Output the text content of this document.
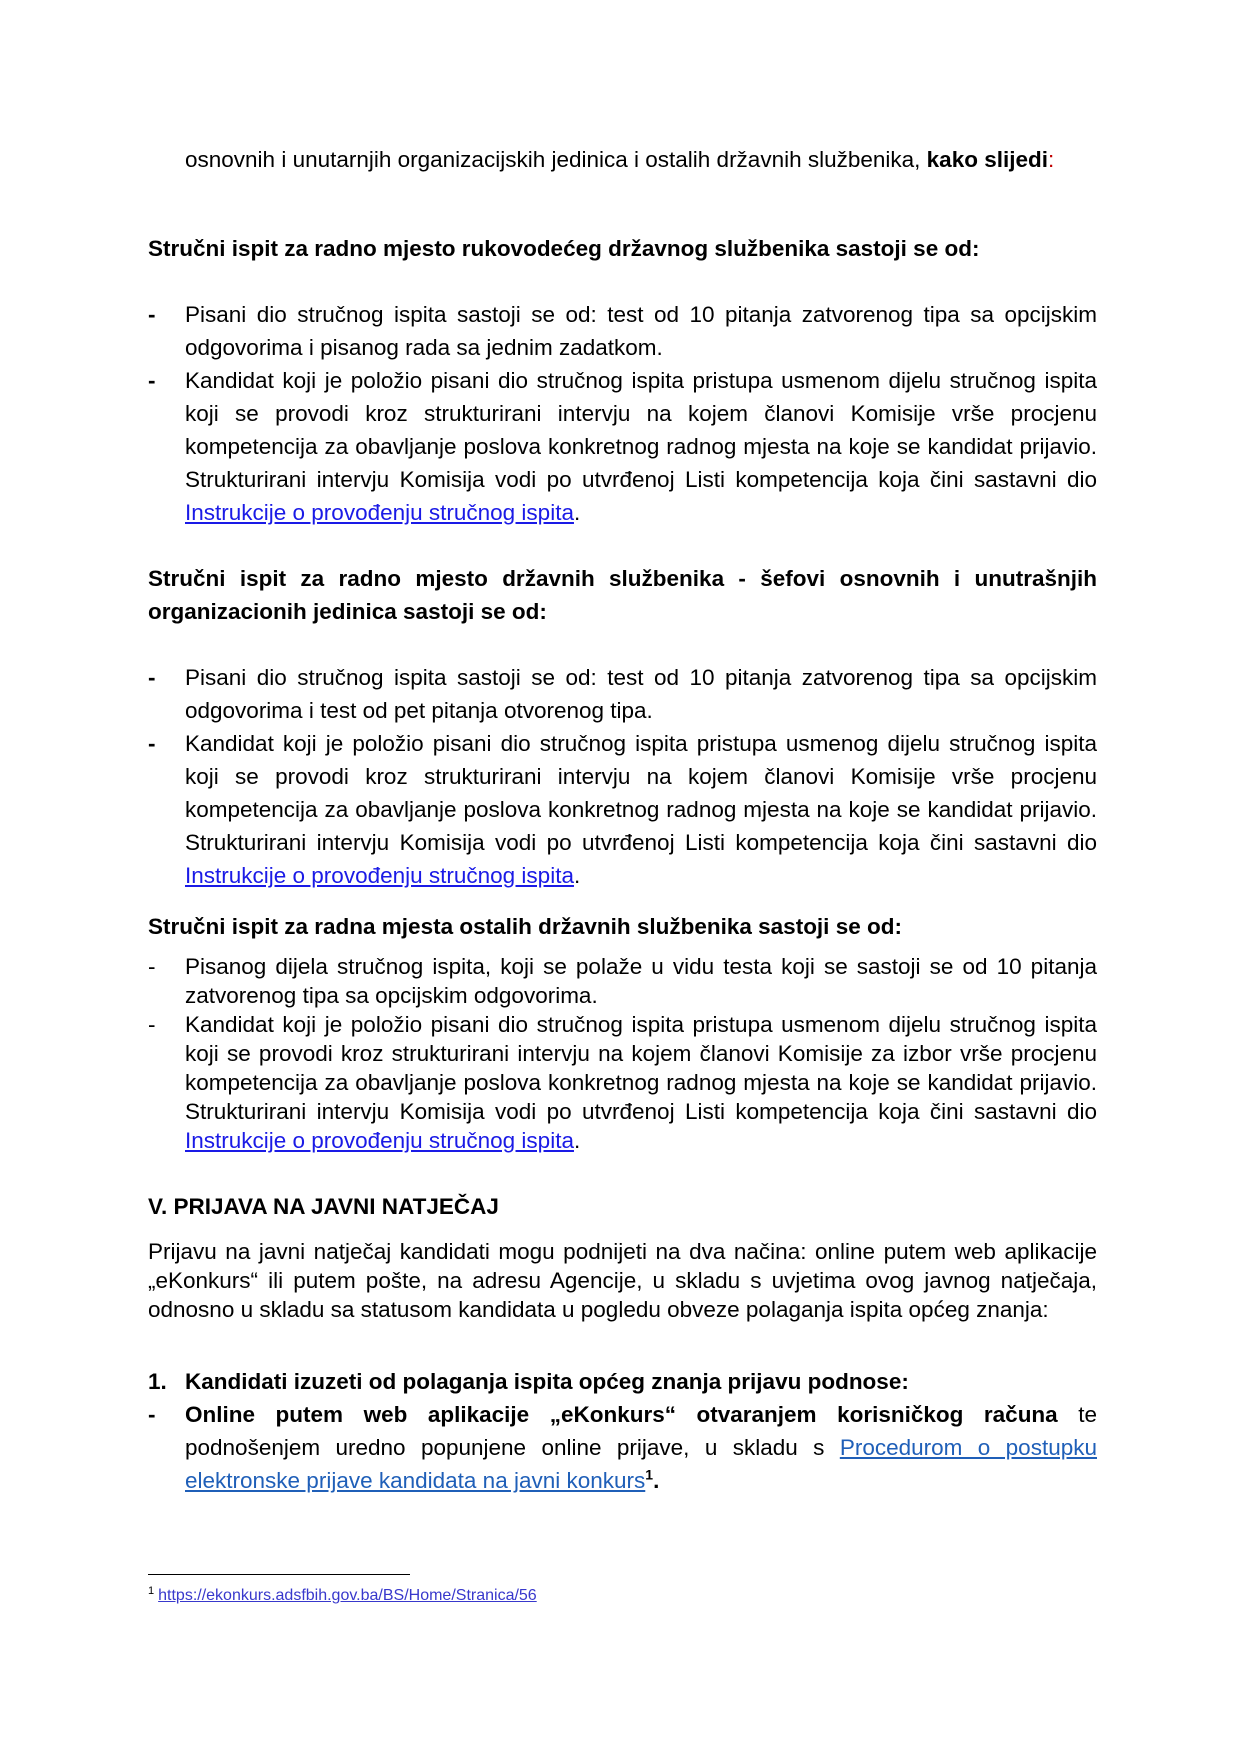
osnovnih i unutarnjih organizacijskih jedinica i ostalih državnih službenika, kako slijedi:
Stručni ispit za radno mjesto rukovodećeg državnog službenika sastoji se od:
- Pisani dio stručnog ispita sastoji se od: test od 10 pitanja zatvorenog tipa sa opcijskim odgovorima i pisanog rada sa jednim zadatkom.
- Kandidat koji je položio pisani dio stručnog ispita pristupa usmenom dijelu stručnog ispita koji se provodi kroz strukturirani intervju na kojem članovi Komisije vrše procjenu kompetencija za obavljanje poslova konkretnog radnog mjesta na koje se kandidat prijavio. Strukturirani intervju Komisija vodi po utvrđenoj Listi kompetencija koja čini sastavni dio Instrukcije o provođenju stručnog ispita.
Stručni ispit za radno mjesto državnih službenika - šefovi osnovnih i unutrašnjih organizacionih jedinica sastoji se od:
- Pisani dio stručnog ispita sastoji se od: test od 10 pitanja zatvorenog tipa sa opcijskim odgovorima i test od pet pitanja otvorenog tipa.
- Kandidat koji je položio pisani dio stručnog ispita pristupa usmenog dijelu stručnog ispita koji se provodi kroz strukturirani intervju na kojem članovi Komisije vrše procjenu kompetencija za obavljanje poslova konkretnog radnog mjesta na koje se kandidat prijavio. Strukturirani intervju Komisija vodi po utvrđenoj Listi kompetencija koja čini sastavni dio Instrukcije o provođenju stručnog ispita.
Stručni ispit za radna mjesta ostalih državnih službenika sastoji se od:
- Pisanog dijela stručnog ispita, koji se polaže u vidu testa koji se sastoji se od 10 pitanja zatvorenog tipa sa opcijskim odgovorima.
- Kandidat koji je položio pisani dio stručnog ispita pristupa usmenom dijelu stručnog ispita koji se provodi kroz strukturirani intervju na kojem članovi Komisije za izbor vrše procjenu kompetencija za obavljanje poslova konkretnog radnog mjesta na koje se kandidat prijavio. Strukturirani intervju Komisija vodi po utvrđenoj Listi kompetencija koja čini sastavni dio Instrukcije o provođenju stručnog ispita.
V. PRIJAVA NA JAVNI NATJEČAJ
Prijavu na javni natječaj kandidati mogu podnijeti na dva načina: online putem web aplikacije „eKonkurs“ ili putem pošte, na adresu Agencije, u skladu s uvjetima ovog javnog natječaja, odnosno u skladu sa statusom kandidata u pogledu obveze polaganja ispita općeg znanja:
1. Kandidati izuzeti od polaganja ispita općeg znanja prijavu podnose:
- Online putem web aplikacije „eKonkurs“ otvaranjem korisničkog računa te podnošenjem uredno popunjene online prijave, u skladu s Procedurom o postupku elektronske prijave kandidata na javni konkurs$^1$.
$^1$ https://ekonkurs.adsfbih.gov.ba/BS/Home/Stranica/56
